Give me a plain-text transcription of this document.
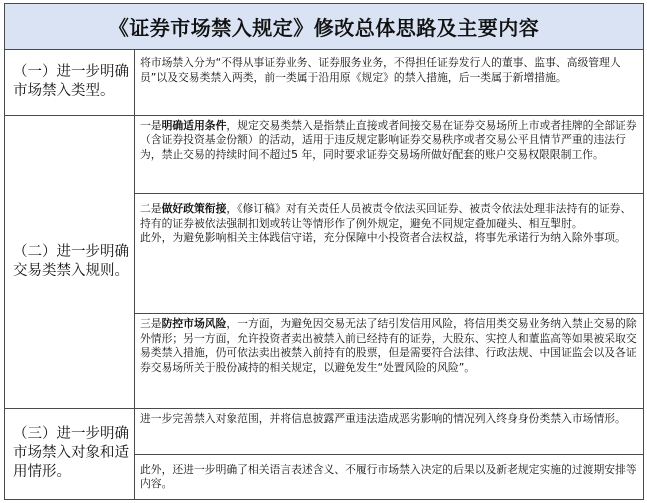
《证券市场禁入规定》修改总体思路及主要内容	
（一）进一步明确市场禁入类型。	将市场禁入分为“不得从事证券业务、证券服务业务，不得担任证券发行人的董事、监事、高级管理人员”以及交易类禁入两类，前一类属于沿用原《规定》的禁入措施，后一类属于新增措施。

（二）进一步明确交易类禁入规则。	一是明确适用条件，规定交易类禁入是指禁止直接或者间接交易在证券交易场所上市或者挂牌的全部证券（含证券投资基金份额）的活动，适用于违反规定影响证券交易秩序或者交易公平且情节严重的违法行为，禁止交易的持续时间不超过5 年，同时要求证券交易场所做好配套的账户交易权限限制工作。

	二是做好政策衔接，《修订稿》对有关责任人员被责令依法买回证券、被责令依法处理非法持有的证券、持有的证券被依法强制扣划或转让等情形作了例外规定，避免不同规定叠加碰头、相互掣肘。

此外，为避免影响相关主体践信守诺，充分保障中小投资者合法权益，将事先承诺行为纳入除外事项。

	三是防控市场风险，一方面，为避免因交易无法了结引发信用风险，将信用类交易业务纳入禁止交易的除外情形；另一方面，允许投资者卖出被禁入前已经持有的证券，大股东、实控人和董监高等如果被采取交易类禁入措施，仍可依法卖出被禁入前持有的股票，但是需要符合法律、行政法规、中国证监会以及各证券交易场所关于股份减持的相关规定，以避免发生“处置风险的风险”。

（三）进一步明确市场禁入对象和适用情形。	进一步完善禁入对象范围，并将信息披露严重违法造成恶劣影响的情况列入终身身份类禁入市场情形。

	此外，还进一步明确了相关语言表述含义、不履行市场禁入决定的后果以及新老规定实施的过渡期安排等内容。
